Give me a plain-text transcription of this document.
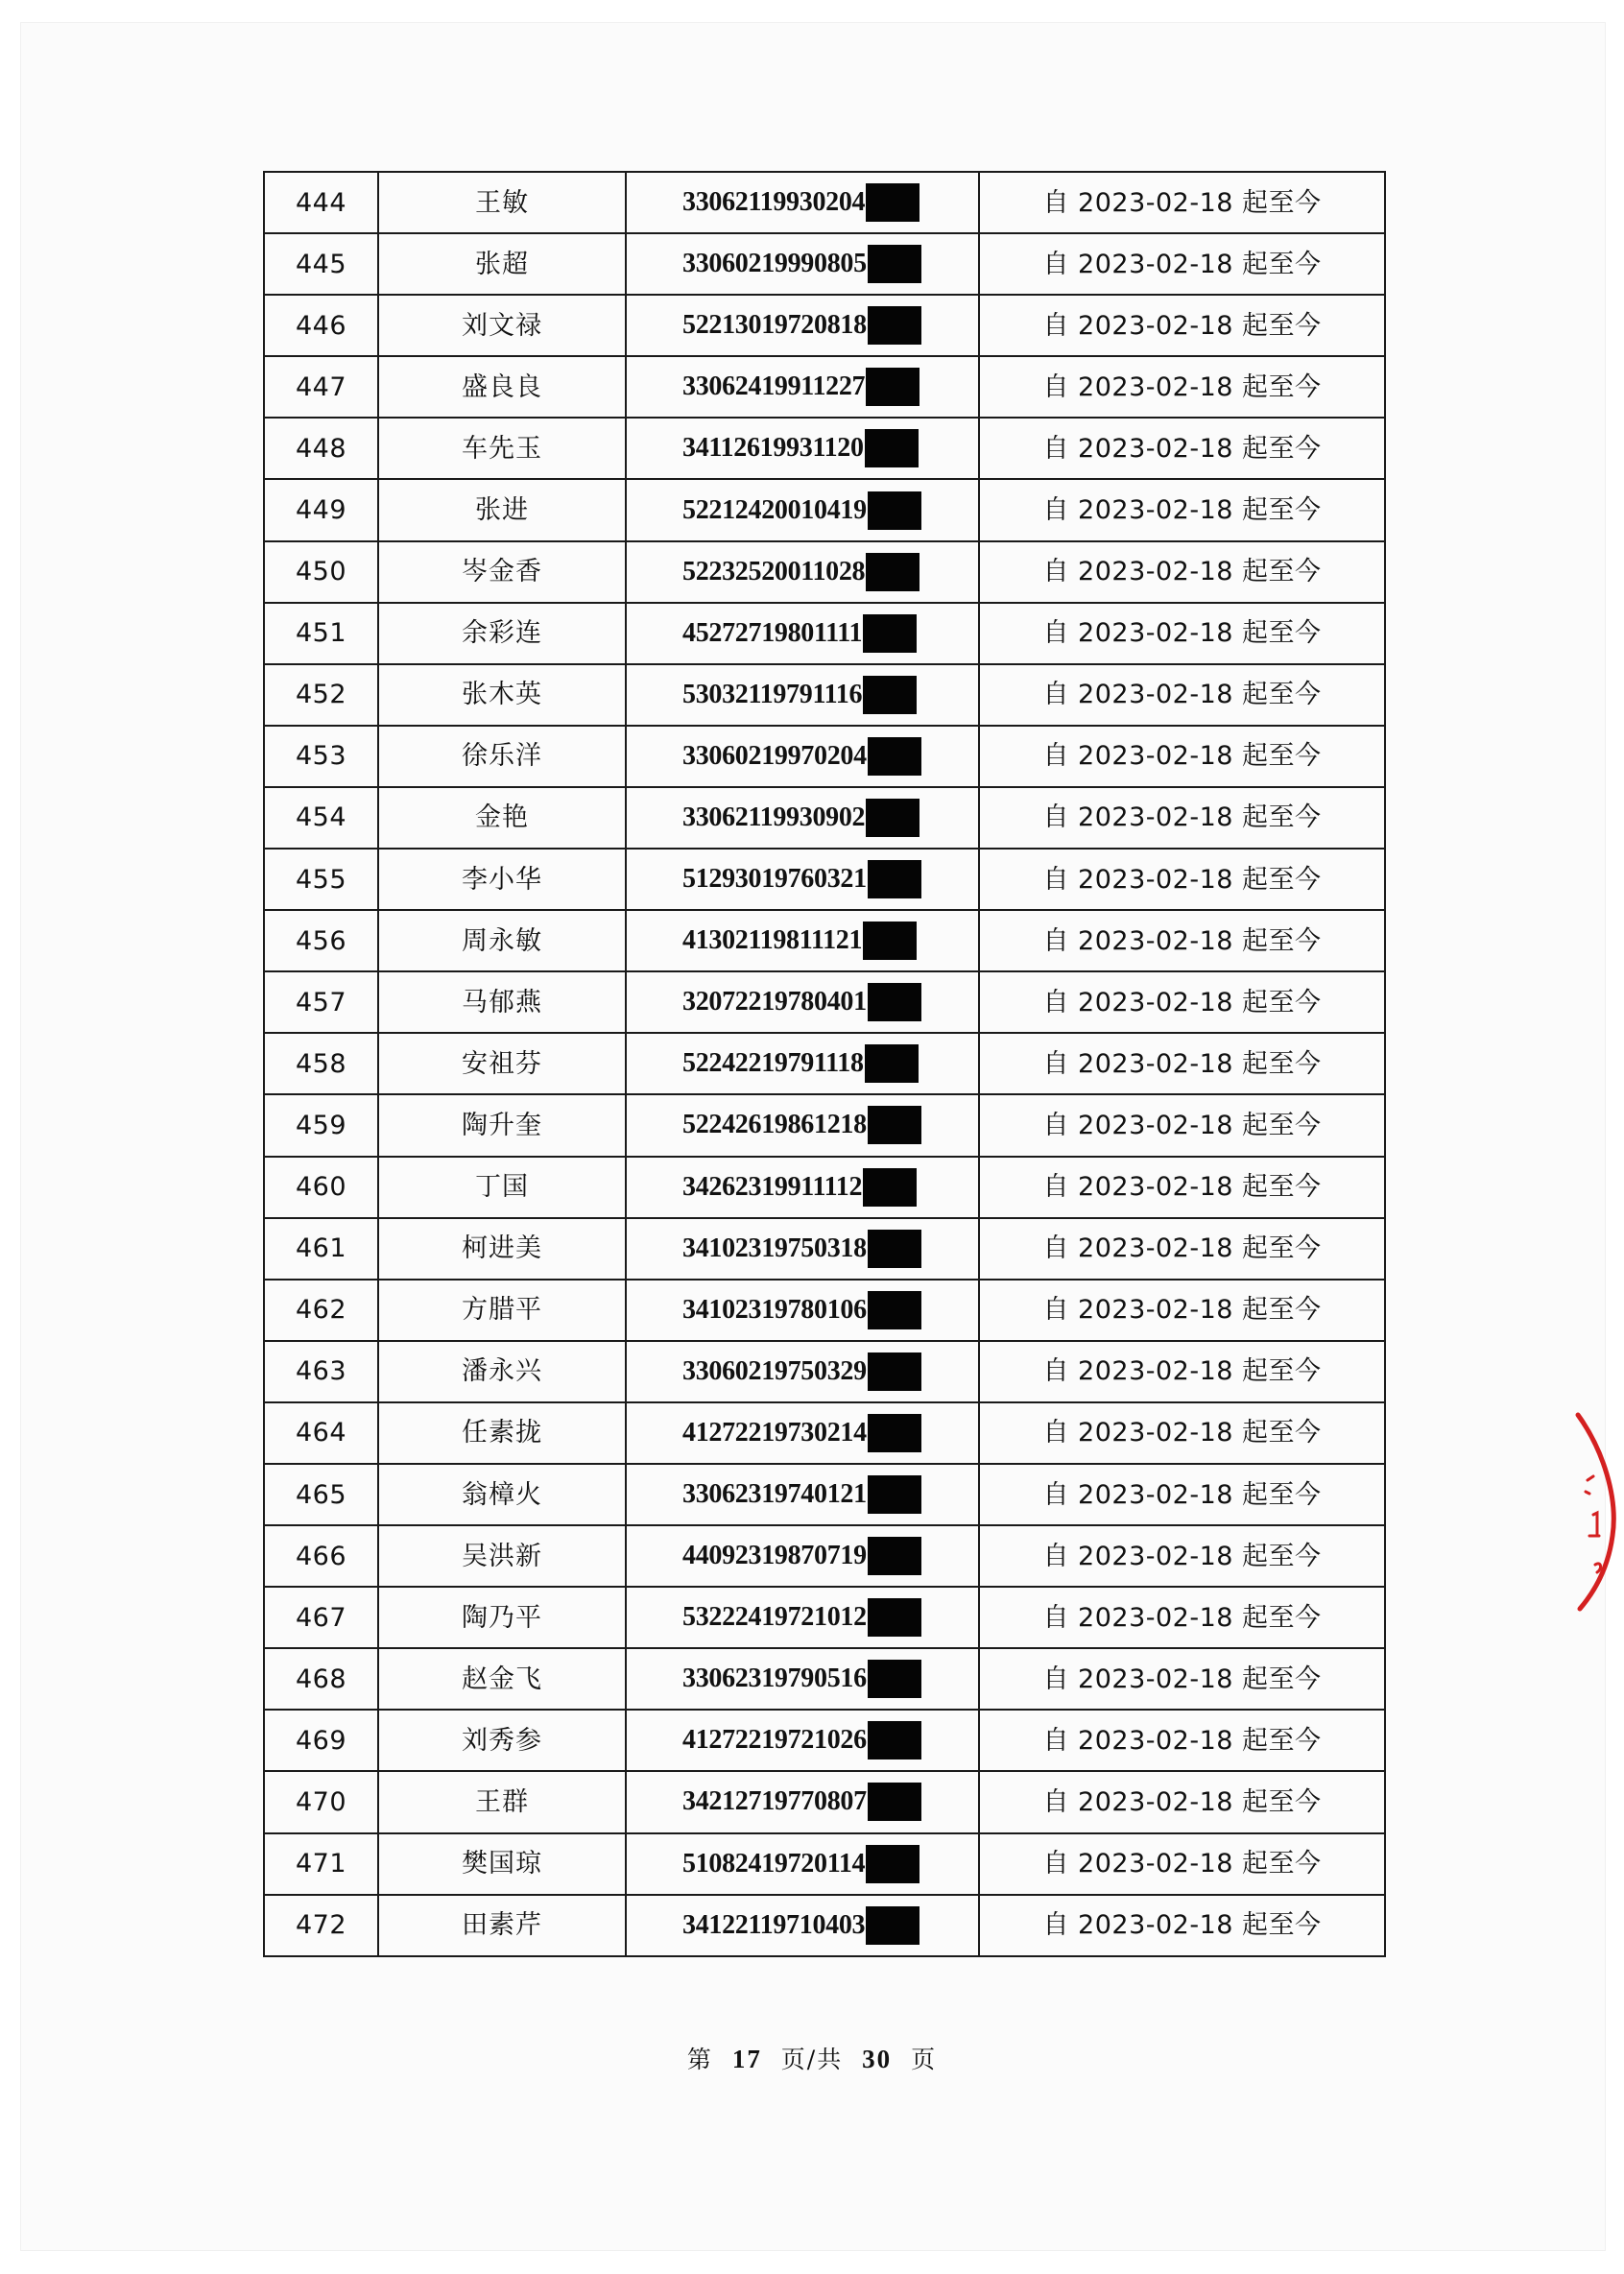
444	王敏	33062119930204	自 2023-02-18 起至今
445	张超	33060219990805	自 2023-02-18 起至今
446	刘文禄	52213019720818	自 2023-02-18 起至今
447	盛良良	33062419911227	自 2023-02-18 起至今
448	车先玉	34112619931120	自 2023-02-18 起至今
449	张进	52212420010419	自 2023-02-18 起至今
450	岑金香	52232520011028	自 2023-02-18 起至今
451	余彩连	45272719801111	自 2023-02-18 起至今
452	张木英	53032119791116	自 2023-02-18 起至今
453	徐乐洋	33060219970204	自 2023-02-18 起至今
454	金艳	33062119930902	自 2023-02-18 起至今
455	李小华	51293019760321	自 2023-02-18 起至今
456	周永敏	41302119811121	自 2023-02-18 起至今
457	马郁燕	32072219780401	自 2023-02-18 起至今
458	安祖芬	52242219791118	自 2023-02-18 起至今
459	陶升奎	52242619861218	自 2023-02-18 起至今
460	丁国	34262319911112	自 2023-02-18 起至今
461	柯进美	34102319750318	自 2023-02-18 起至今
462	方腊平	34102319780106	自 2023-02-18 起至今
463	潘永兴	33060219750329	自 2023-02-18 起至今
464	任素拢	41272219730214	自 2023-02-18 起至今
465	翁樟火	33062319740121	自 2023-02-18 起至今
466	吴洪新	44092319870719	自 2023-02-18 起至今
467	陶乃平	53222419721012	自 2023-02-18 起至今
468	赵金飞	33062319790516	自 2023-02-18 起至今
469	刘秀参	41272219721026	自 2023-02-18 起至今
470	王群	34212719770807	自 2023-02-18 起至今
471	樊国琼	51082419720114	自 2023-02-18 起至今
472	田素芹	34122119710403	自 2023-02-18 起至今
第 17 页/共 30 页
